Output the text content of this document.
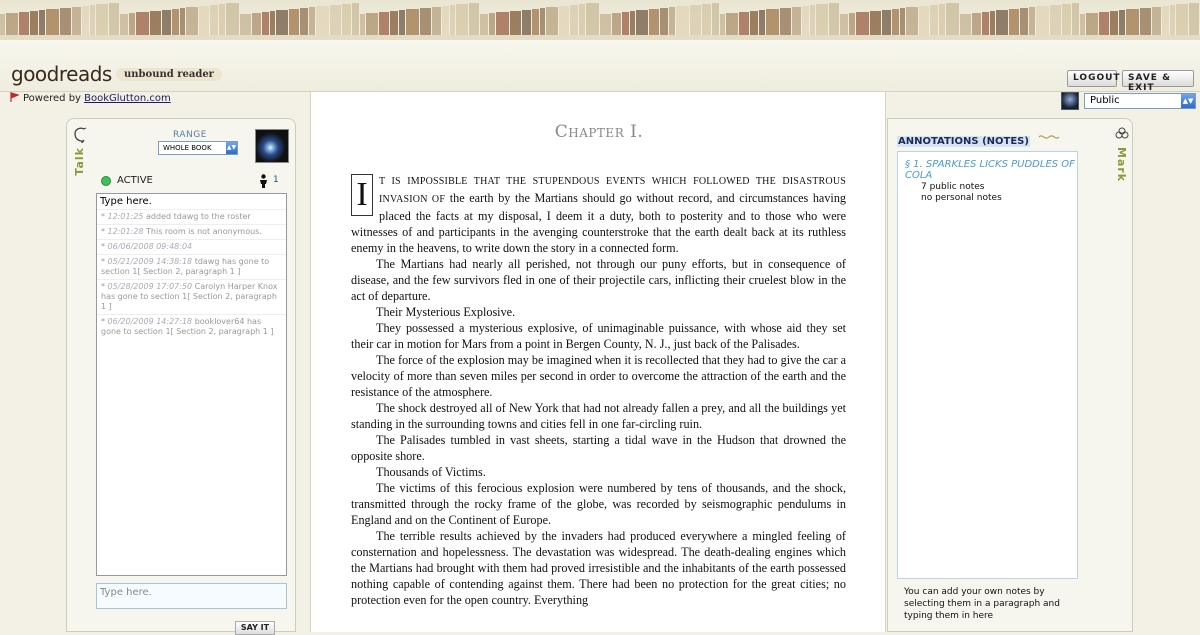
goodreads	unbound reader
Powered by BookGlutton.com
LOGOUT SAVE & EXIT
Public	▲▼
Talk
RANGE
WHOLE BOOK	▲▼
ACTIVE	1
Type here.
* 12:01:25 added tdawg to the roster
* 12:01:28 This room is not anonymous.
* 06/06/2008 09:48:04
* 05/21/2009 14:38:18 tdawg has gone to section 1[ Section 2, paragraph 1 ]
* 05/28/2009 17:07:50 Carolyn Harper Knox has gone to section 1[ Section 2, paragraph 1 ]
* 06/20/2009 14:27:18 booklover64 has gone to section 1[ Section 2, paragraph 1 ]
Type here.
SAY IT
Chapter I.

I	T IS IMPOSSIBLE THAT THE STUPENDOUS EVENTS WHICH FOLLOWED THE DISASTROUS INVASION OF the earth by the Martians should go without record, and circumstances having placed the facts at my disposal, I deem it a duty, both to posterity and to those who were witnesses of and participants in the avenging counterstroke that the earth dealt back at its ruthless enemy in the heavens, to write down the story in a connected form.

The Martians had nearly all perished, not through our puny efforts, but in consequence of disease, and the few survivors fled in one of their projectile cars, inflicting their cruelest blow in the act of departure.

Their Mysterious Explosive.

They possessed a mysterious explosive, of unimaginable puissance, with whose aid they set their car in motion for Mars from a point in Bergen County, N. J., just back of the Palisades.

The force of the explosion may be imagined when it is recollected that they had to give the car a velocity of more than seven miles per second in order to overcome the attraction of the earth and the resistance of the atmosphere.

The shock destroyed all of New York that had not already fallen a prey, and all the buildings yet standing in the surrounding towns and cities fell in one far-circling ruin.

The Palisades tumbled in vast sheets, starting a tidal wave in the Hudson that drowned the opposite shore.

Thousands of Victims.

The victims of this ferocious explosion were numbered by tens of thousands, and the shock, transmitted through the rocky frame of the globe, was recorded by seismographic pendulums in England and on the Continent of Europe.

The terrible results achieved by the invaders had produced everywhere a mingled feeling of consternation and hopelessness. The devastation was widespread. The death-dealing engines which the Martians had brought with them had proved irresistible and the inhabitants of the earth possessed nothing capable of contending against them. There had been no protection for the great cities; no protection even for the open country. Everything

Mark
ANNOTATIONS (NOTES)
§ 1. SPARKLES LICKS PUDDLES OF COLA
7 public notes
no personal notes
You can add your own notes by selecting them in a paragraph and typing them in here
